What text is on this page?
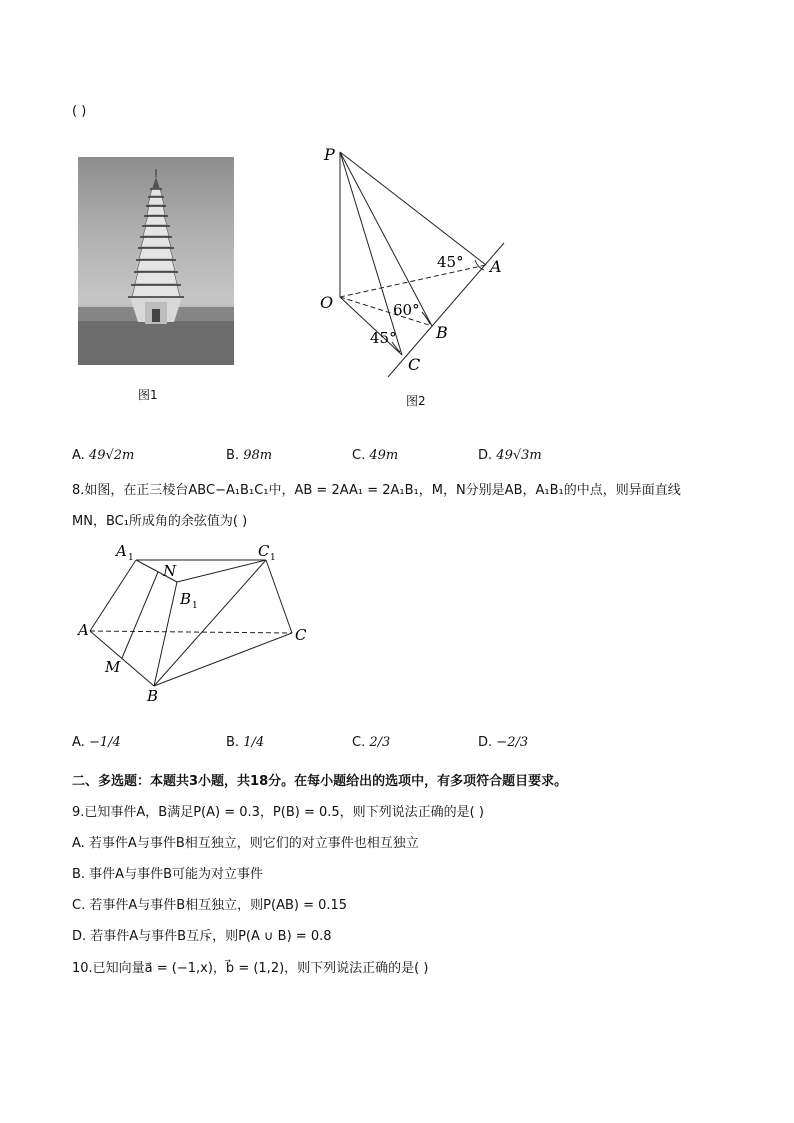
( )
图1
P
O
A
B
C
45°
60°
45°
图2
A. 49√2m	B. 98m	C. 49m	D. 49√3m
8.如图，在正三棱台ABC−A₁B₁C₁中，AB = 2AA₁ = 2A₁B₁，M，N分别是AB，A₁B₁的中点，则异面直线
MN，BC₁所成角的余弦值为( )
A 1	C 1
N
B 1
A	C
M
B
A. −1/4	B. 1/4	C. 2/3	D. −2/3
二、多选题：本题共3小题，共18分。在每小题给出的选项中，有多项符合题目要求。
9.已知事件A，B满足P(A) = 0.3，P(B) = 0.5，则下列说法正确的是( )
A. 若事件A与事件B相互独立，则它们的对立事件也相互独立
B. 事件A与事件B可能为对立事件
C. 若事件A与事件B相互独立，则P(AB) = 0.15
D. 若事件A与事件B互斥，则P(A ∪ B) = 0.8
10.已知向量a⃗ = (−1,x)，b⃗ = (1,2)，则下列说法正确的是( )
